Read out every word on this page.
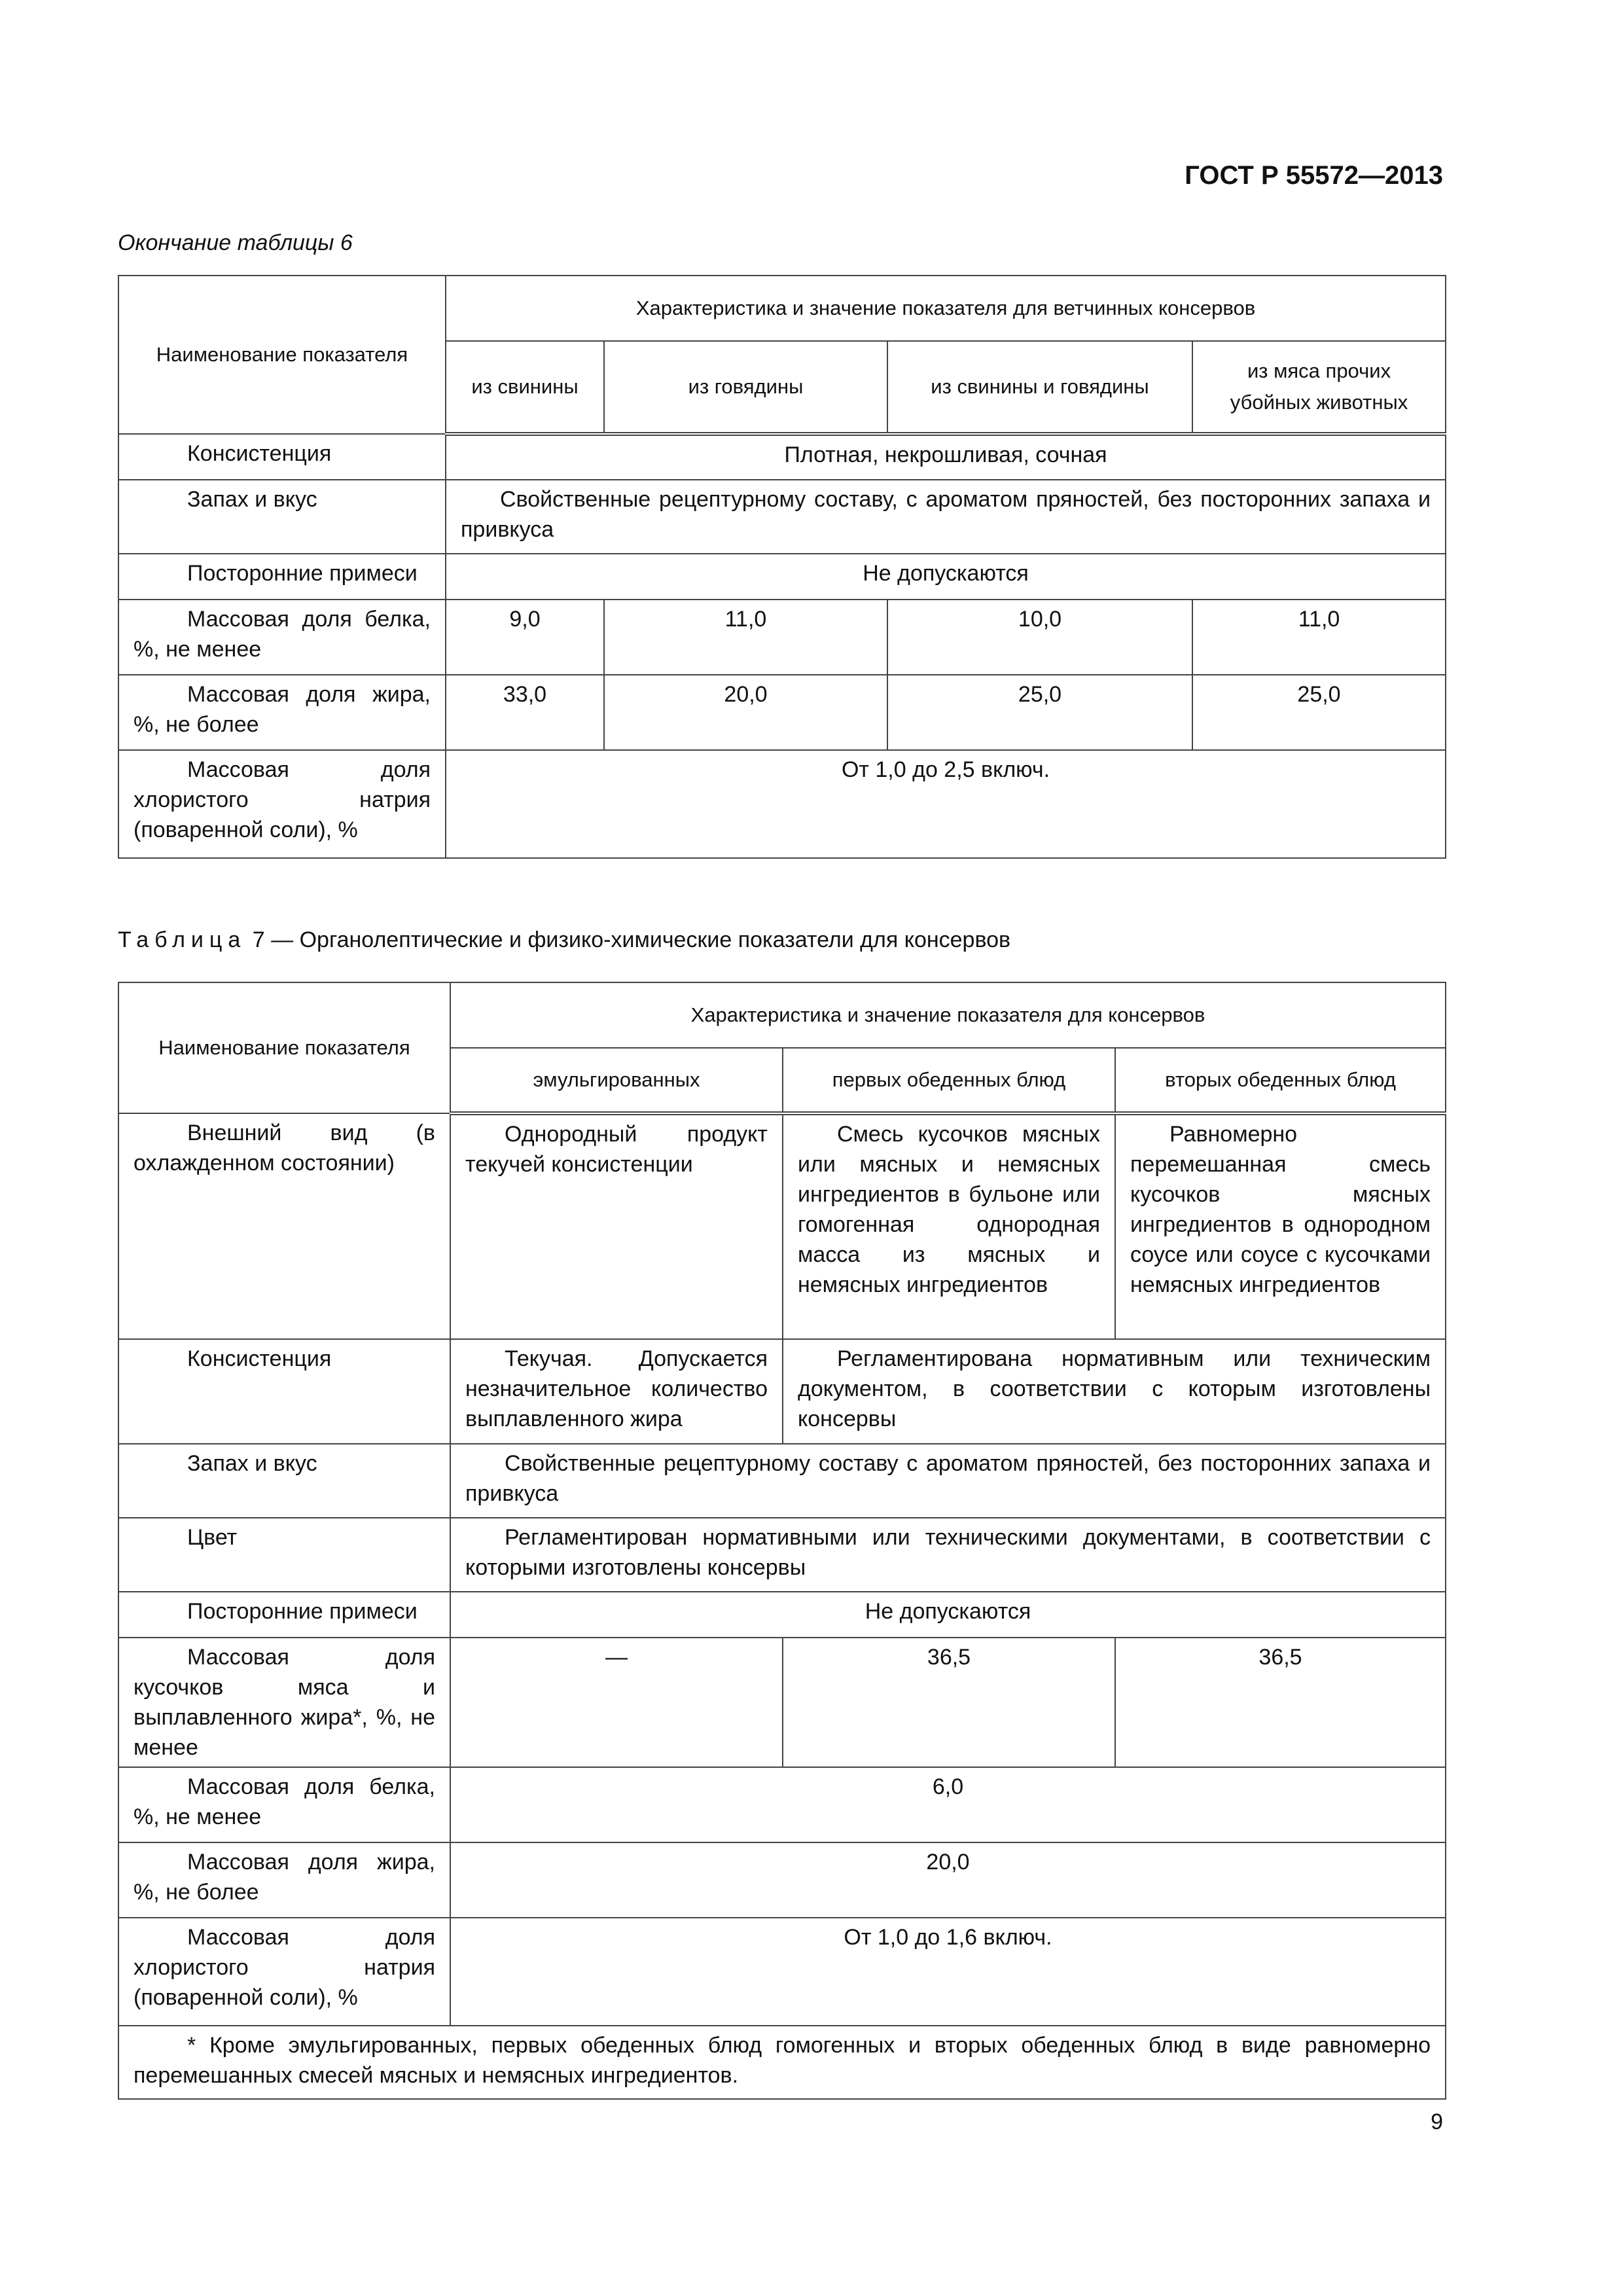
ГОСТ Р 55572—2013
Окончание таблицы 6
Наименование показателя	Характеристика и значение показателя для ветчинных консервов			
	из свинины	из говядины	из свинины и говядины	из мяса прочих убойных животных
Консистенция	Плотная, некрошливая, сочная			
Запах и вкус	Свойственные рецептурному составу, с ароматом пряностей, без посторонних запаха и привкуса			
Посторонние примеси	Не допускаются			
Массовая доля белка, %, не менее	9,0	11,0	10,0	11,0
Массовая доля жира, %, не более	33,0	20,0	25,0	25,0
Массовая доля хлористого натрия (поваренной соли), %	От 1,0 до 2,5 включ.			
Таблица 7 — Органолептические и физико-химические показатели для консервов
Наименование показателя	Характеристика и значение показателя для консервов		
	эмульгированных	первых обеденных блюд	вторых обеденных блюд
Внешний вид (в охлажденном состоянии)	Однородный продукт текучей консистенции	Смесь кусочков мясных или мясных и немясных ингредиентов в бульоне или гомогенная однородная масса из мясных и немясных ингредиентов	Равномерно перемешанная смесь кусочков мясных ингредиентов в однородном соусе или соусе с кусочками немясных ингредиентов
Консистенция	Текучая. Допускается незначительное количество выплавленного жира	Регламентирована нормативным или техническим документом, в соответствии с которым изготовлены консервы	
Запах и вкус	Свойственные рецептурному составу с ароматом пряностей, без посторонних запаха и привкуса		
Цвет	Регламентирован нормативными или техническими документами, в соответствии с которыми изготовлены консервы		
Посторонние примеси	Не допускаются		
Массовая доля кусочков мяса и выплавленного жира*, %, не менее	—	36,5	36,5
Массовая доля белка, %, не менее	6,0		
Массовая доля жира, %, не более	20,0		
Массовая доля хлористого натрия (поваренной соли), %	От 1,0 до 1,6 включ.		
* Кроме эмульгированных, первых обеденных блюд гомогенных и вторых обеденных блюд в виде равномерно перемешанных смесей мясных и немясных ингредиентов.			
9
